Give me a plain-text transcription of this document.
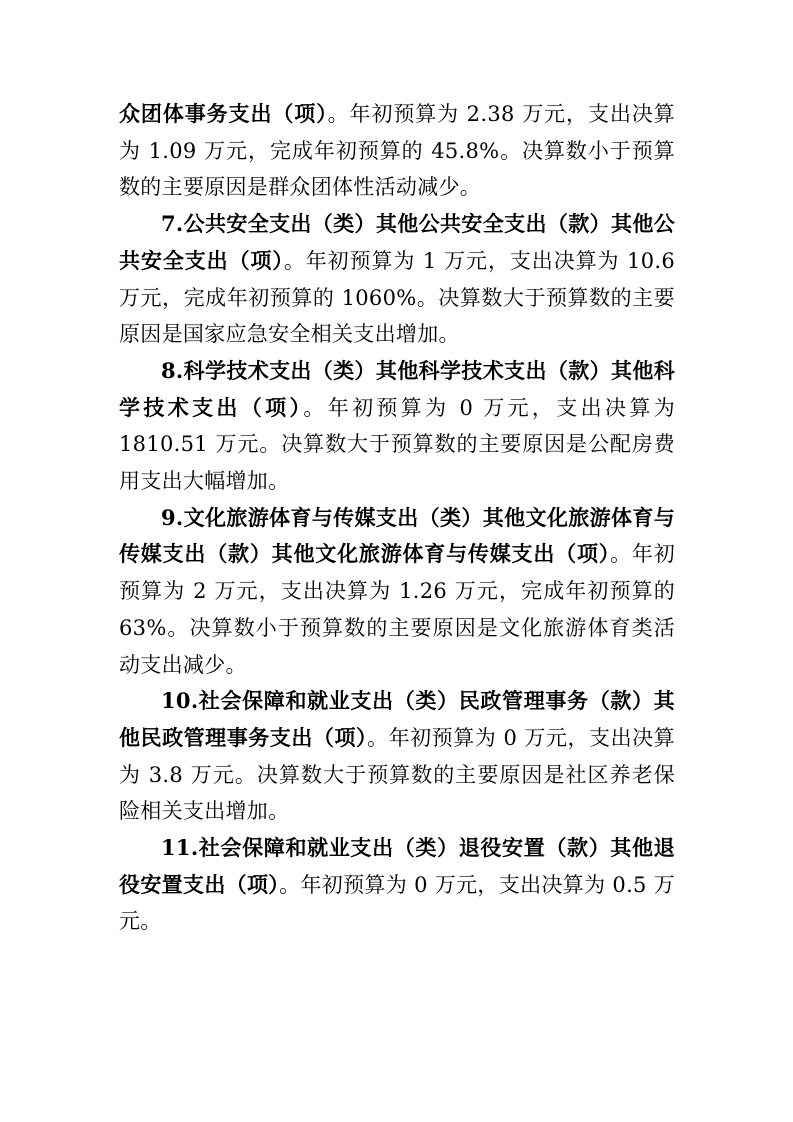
众团体事务支出（项）。年初预算为 2.38 万元，支出决算为 1.09 万元，完成年初预算的 45.8%。决算数小于预算数的主要原因是群众团体性活动减少。

7.公共安全支出（类）其他公共安全支出（款）其他公共安全支出（项）。年初预算为 1 万元，支出决算为 10.6 万元，完成年初预算的 1060%。决算数大于预算数的主要原因是国家应急安全相关支出增加。

8.科学技术支出（类）其他科学技术支出（款）其他科学技术支出（项）。年初预算为 0 万元，支出决算为 1810.51 万元。决算数大于预算数的主要原因是公配房费用支出大幅增加。

9.文化旅游体育与传媒支出（类）其他文化旅游体育与传媒支出（款）其他文化旅游体育与传媒支出（项）。年初预算为 2 万元，支出决算为 1.26 万元，完成年初预算的 63%。决算数小于预算数的主要原因是文化旅游体育类活动支出减少。

10.社会保障和就业支出（类）民政管理事务（款）其他民政管理事务支出（项）。年初预算为 0 万元，支出决算为 3.8 万元。决算数大于预算数的主要原因是社区养老保险相关支出增加。

11.社会保障和就业支出（类）退役安置（款）其他退役安置支出（项）。年初预算为 0 万元，支出决算为 0.5 万元。
